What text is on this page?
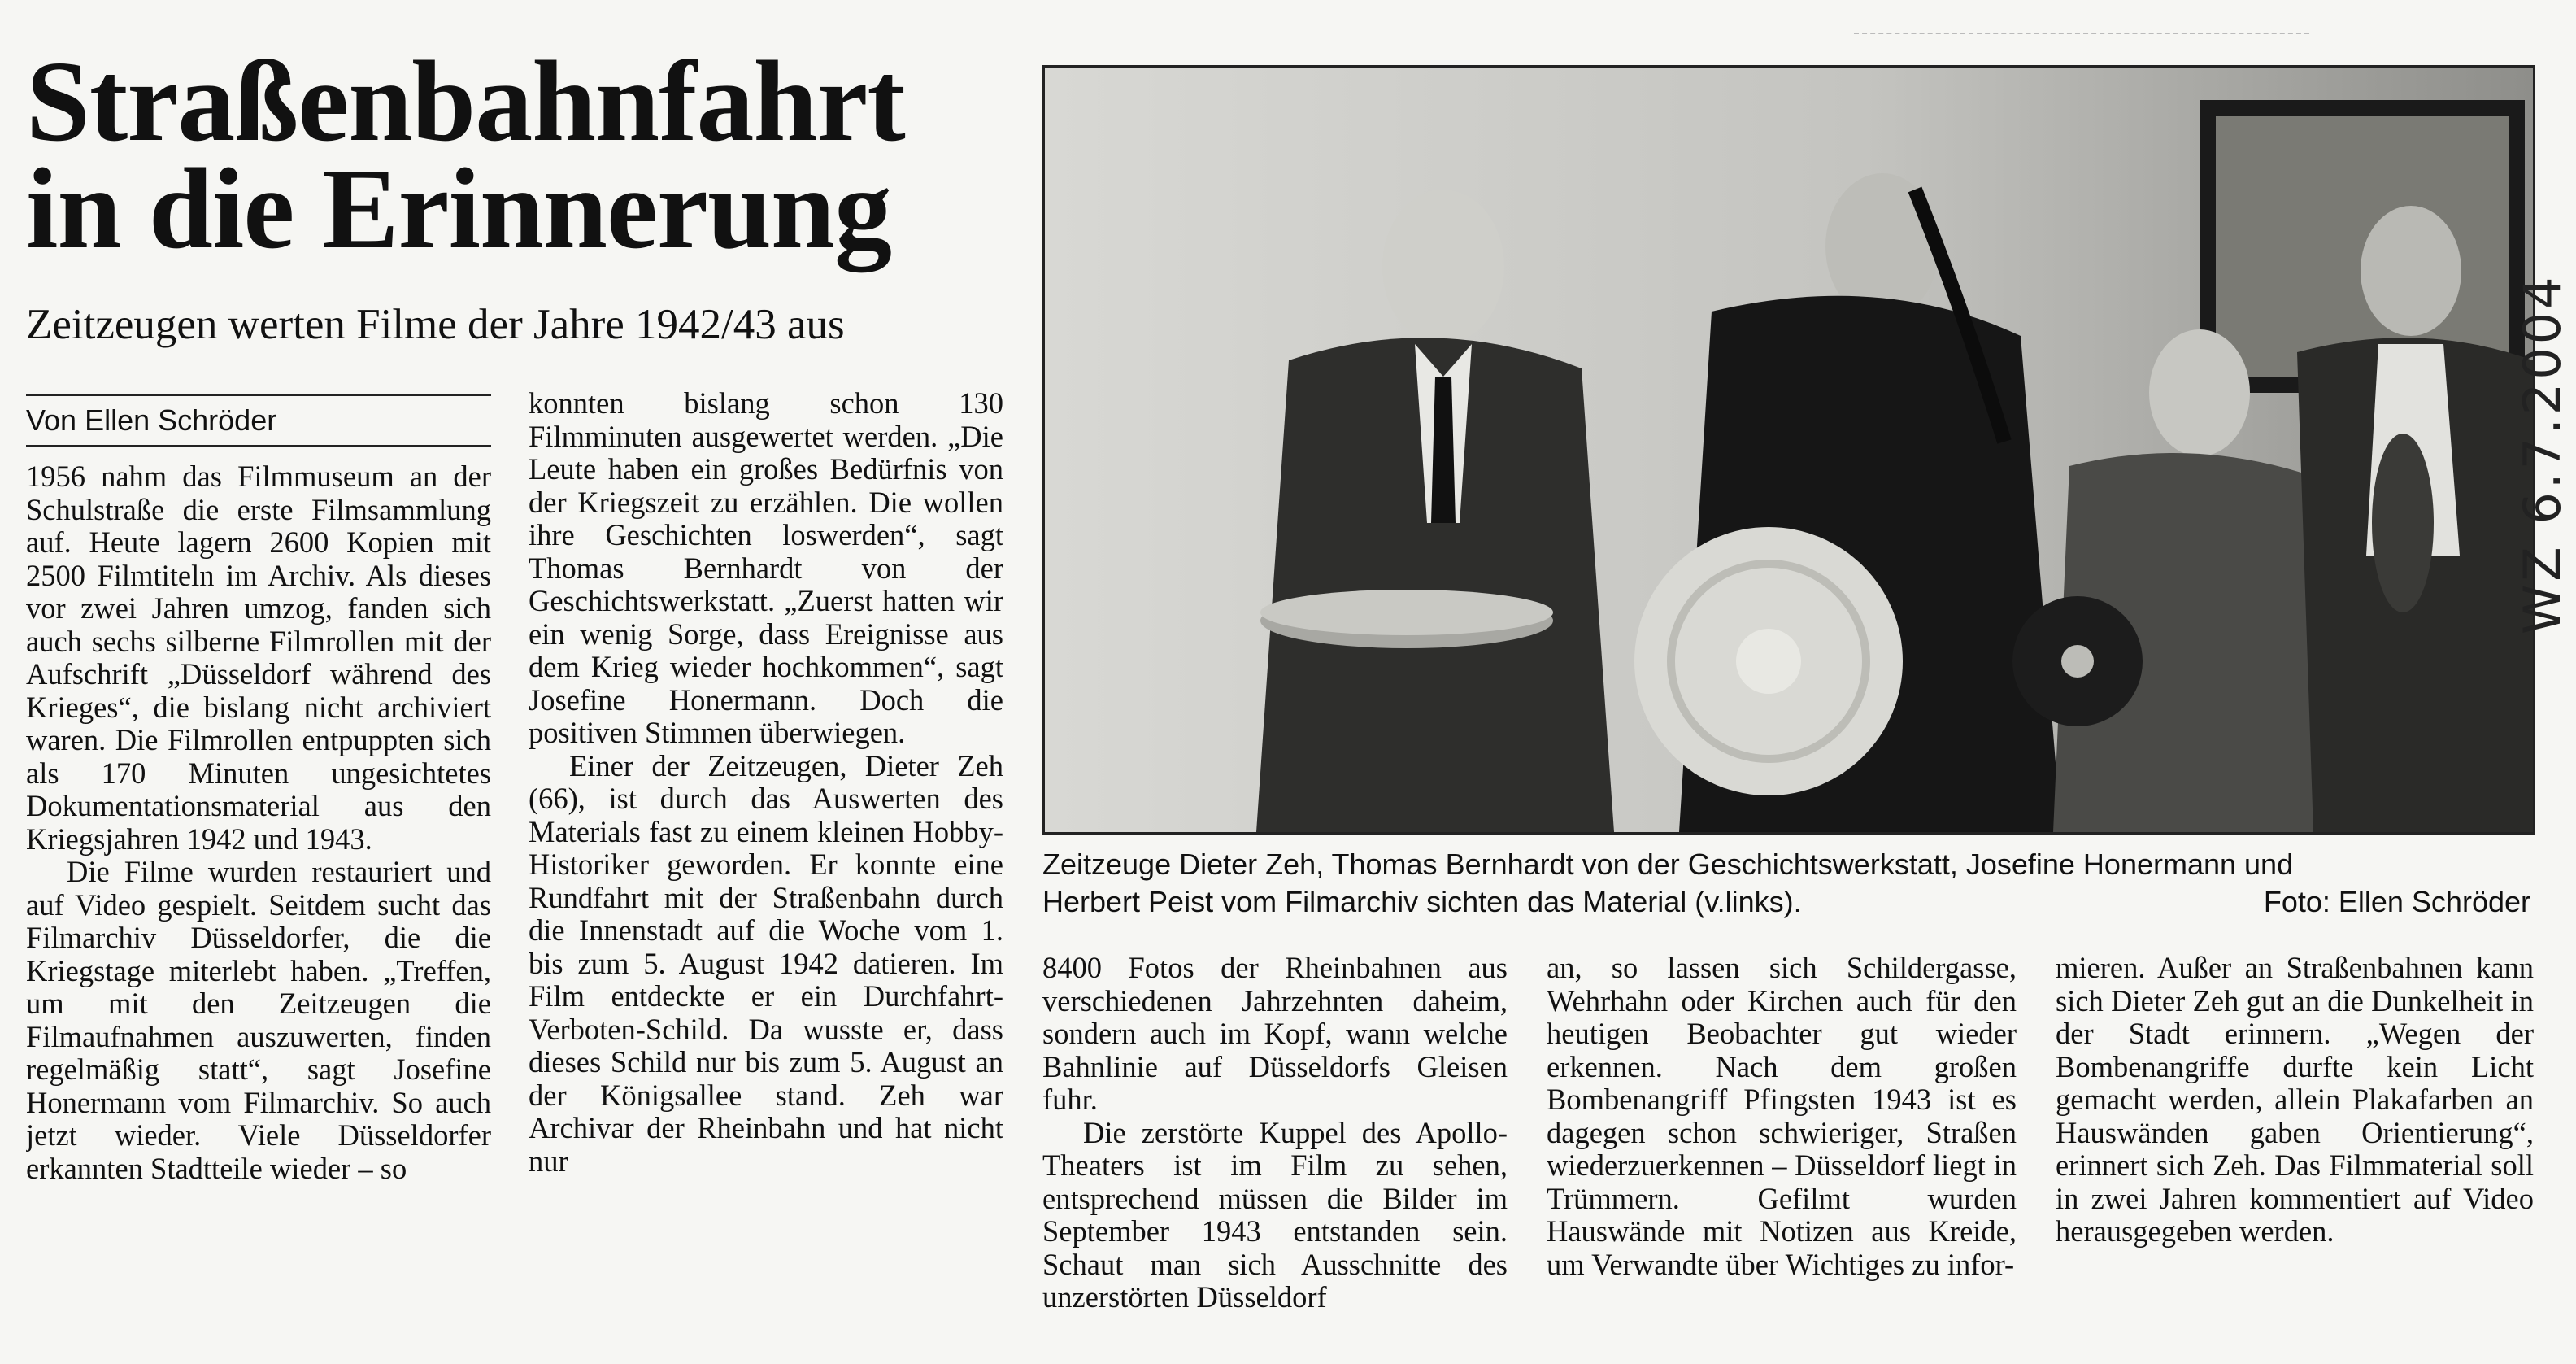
Straßenbahnfahrt
in die Erinnerung
Zeitzeugen werten Filme der Jahre 1942/43 aus
Von Ellen Schröder

1956 nahm das Filmmuseum an der Schulstraße die erste Filmsammlung auf. Heute lagern 2600 Kopien mit 2500 Filmtiteln im Archiv. Als dieses vor zwei Jahren umzog, fanden sich auch sechs silberne Filmrollen mit der Aufschrift „Düsseldorf während des Krieges“, die bislang nicht archiviert waren. Die Filmrollen entpuppten sich als 170 Minuten ungesichtetes Dokumentationsmaterial aus den Kriegsjahren 1942 und 1943.

Die Filme wurden restauriert und auf Video gespielt. Seitdem sucht das Filmarchiv Düsseldorfer, die die Kriegstage miterlebt haben. „Treffen, um mit den Zeitzeugen die Filmaufnahmen auszuwerten, finden regelmäßig statt“, sagt Josefine Honermann vom Filmarchiv. So auch jetzt wieder. Viele Düsseldorfer erkannten Stadtteile wieder – so

konnten bislang schon 130 Filmminuten ausgewertet werden. „Die Leute haben ein großes Bedürfnis von der Kriegszeit zu erzählen. Die wollen ihre Geschichten loswerden“, sagt Thomas Bernhardt von der Geschichtswerkstatt. „Zuerst hatten wir ein wenig Sorge, dass Ereignisse aus dem Krieg wieder hochkommen“, sagt Josefine Honermann. Doch die positiven Stimmen überwiegen.

Einer der Zeitzeugen, Dieter Zeh (66), ist durch das Auswerten des Materials fast zu einem kleinen Hobby-Historiker geworden. Er konnte eine Rundfahrt mit der Straßenbahn durch die Innenstadt auf die Woche vom 1. bis zum 5. August 1942 datieren. Im Film entdeckte er ein Durchfahrt-Verboten-Schild. Da wusste er, dass dieses Schild nur bis zum 5. August an der Königsallee stand. Zeh war Archivar der Rheinbahn und hat nicht nur

Zeitzeuge Dieter Zeh, Thomas Bernhardt von der Geschichtswerkstatt, Josefine Honermann und
Herbert Peist vom Filmarchiv sichten das Material (v.links).	Foto: Ellen Schröder

8400 Fotos der Rheinbahnen aus verschiedenen Jahrzehnten daheim, sondern auch im Kopf, wann welche Bahnlinie auf Düsseldorfs Gleisen fuhr.

Die zerstörte Kuppel des Apollo-Theaters ist im Film zu sehen, entsprechend müssen die Bilder im September 1943 entstanden sein. Schaut man sich Ausschnitte des unzerstörten Düsseldorf

an, so lassen sich Schildergasse, Wehrhahn oder Kirchen auch für den heutigen Beobachter gut wieder erkennen. Nach dem großen Bombenangriff Pfingsten 1943 ist es dagegen schon schwieriger, Straßen wiederzuerkennen – Düsseldorf liegt in Trümmern. Gefilmt wurden Hauswände mit Notizen aus Kreide, um Verwandte über Wichtiges zu infor-

mieren. Außer an Straßenbahnen kann sich Dieter Zeh gut an die Dunkelheit in der Stadt erinnern. „Wegen der Bombenangriffe durfte kein Licht gemacht werden, allein Plakafarben an Hauswänden gaben Orientierung“, erinnert sich Zeh. Das Filmmaterial soll in zwei Jahren kommentiert auf Video herausgegeben werden.

WZ 6.7.2004
